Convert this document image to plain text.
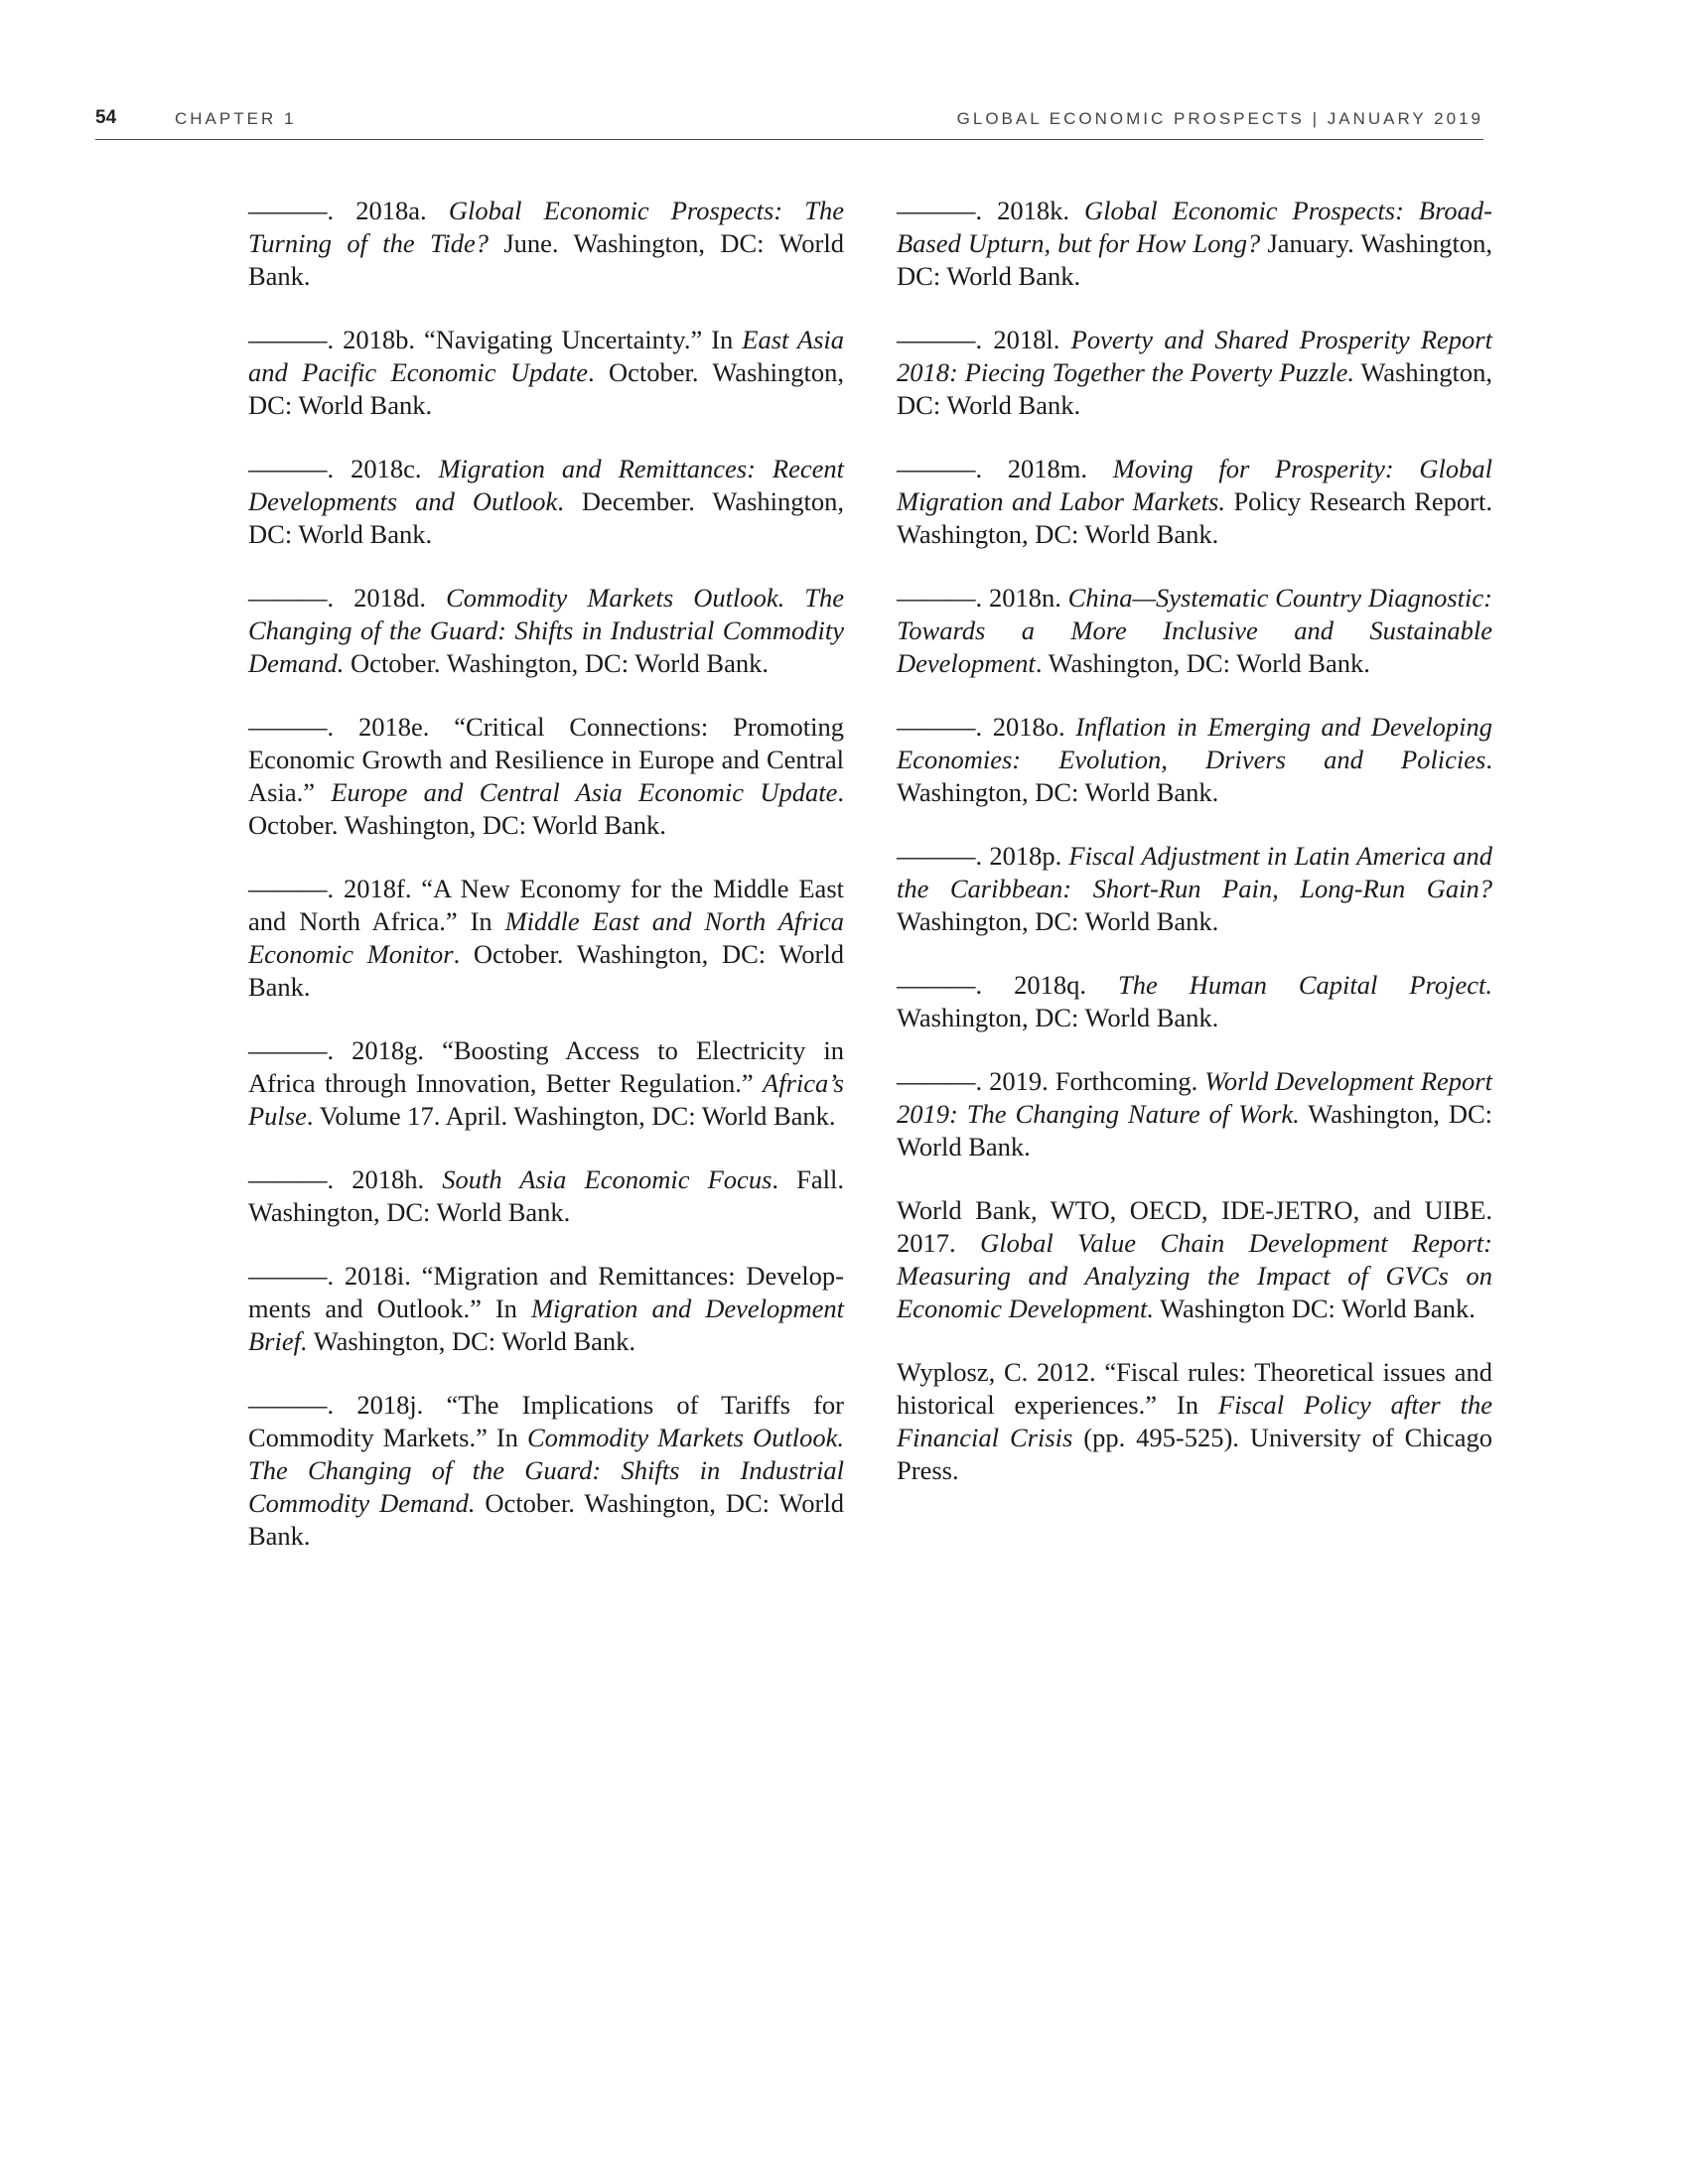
54	CHAPTER 1	GLOBAL ECONOMIC PROSPECTS | JANUARY 2019

———. 2018a. Global Economic Prospects: The Turning of the Tide? June. Washington, DC: World Bank.

———. 2018b. “Navigating Uncertainty.” In East Asia and Pacific Economic Update. October. Washington, DC: World Bank.

———. 2018c. Migration and Remittances: Recent Developments and Outlook. December. Washington, DC: World Bank.

———. 2018d. Commodity Markets Outlook. The Changing of the Guard: Shifts in Industrial Commodity Demand. October. Washington, DC: World Bank.

———. 2018e. “Critical Connections: Promoting Economic Growth and Resilience in Europe and Central Asia.” Europe and Central Asia Economic Update. October. Washington, DC: World Bank.

———. 2018f. “A New Economy for the Middle East and North Africa.” In Middle East and North Africa Economic Monitor. October. Washington, DC: World Bank.

———. 2018g. “Boosting Access to Electricity in Africa through Innovation, Better Regulation.” Africa’s Pulse. Volume 17. April. Washington, DC: World Bank.

———. 2018h. South Asia Economic Focus. Fall. Washington, DC: World Bank.

———. 2018i. “Migration and Remittances: Develop-ments and Outlook.” In Migration and Development Brief. Washington, DC: World Bank.

———. 2018j. “The Implications of Tariffs for Commodity Markets.” In Commodity Markets Outlook. The Changing of the Guard: Shifts in Industrial Commodity Demand. October. Washington, DC: World Bank.

———. 2018k. Global Economic Prospects: Broad-Based Upturn, but for How Long? January. Washington, DC: World Bank.

———. 2018l. Poverty and Shared Prosperity Report 2018: Piecing Together the Poverty Puzzle. Washington, DC: World Bank.

———. 2018m. Moving for Prosperity: Global Migration and Labor Markets. Policy Research Report. Washington, DC: World Bank.

———. 2018n. China—Systematic Country Diagnostic: Towards a More Inclusive and Sustainable Development. Washington, DC: World Bank.

———. 2018o. Inflation in Emerging and Developing Economies: Evolution, Drivers and Policies. Washington, DC: World Bank.

———. 2018p. Fiscal Adjustment in Latin America and the Caribbean: Short-Run Pain, Long-Run Gain? Washington, DC: World Bank.

———. 2018q. The Human Capital Project. Washington, DC: World Bank.

———. 2019. Forthcoming. World Development Report 2019: The Changing Nature of Work. Washington, DC: World Bank.

World Bank, WTO, OECD, IDE-JETRO, and UIBE. 2017. Global Value Chain Development Report: Measuring and Analyzing the Impact of GVCs on Economic Development. Washington DC: World Bank.

Wyplosz, C. 2012. “Fiscal rules: Theoretical issues and historical experiences.” In Fiscal Policy after the Financial Crisis (pp. 495-525). University of Chicago Press.
